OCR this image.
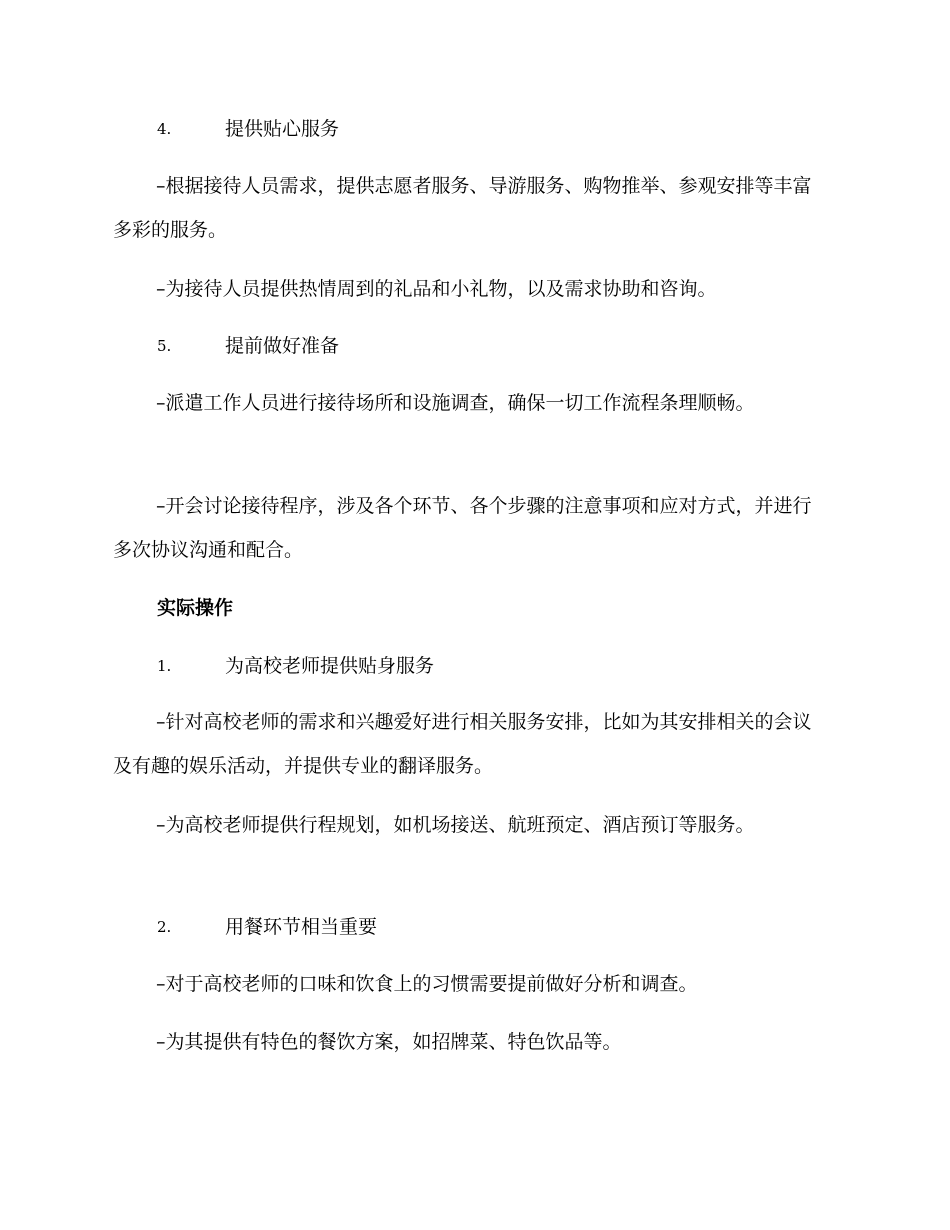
4.	提供贴心服务
–根据接待人员需求，提供志愿者服务、导游服务、购物推举、参观安排等丰富多彩的服务。
–为接待人员提供热情周到的礼品和小礼物，以及需求协助和咨询。
5.	提前做好准备
–派遣工作人员进行接待场所和设施调查，确保一切工作流程条理顺畅。
–开会讨论接待程序，涉及各个环节、各个步骤的注意事项和应对方式，并进行多次协议沟通和配合。
实际操作
1.	为高校老师提供贴身服务
–针对高校老师的需求和兴趣爱好进行相关服务安排，比如为其安排相关的会议及有趣的娱乐活动，并提供专业的翻译服务。
–为高校老师提供行程规划，如机场接送、航班预定、酒店预订等服务。
2.	用餐环节相当重要
–对于高校老师的口味和饮食上的习惯需要提前做好分析和调查。
–为其提供有特色的餐饮方案，如招牌菜、特色饮品等。
